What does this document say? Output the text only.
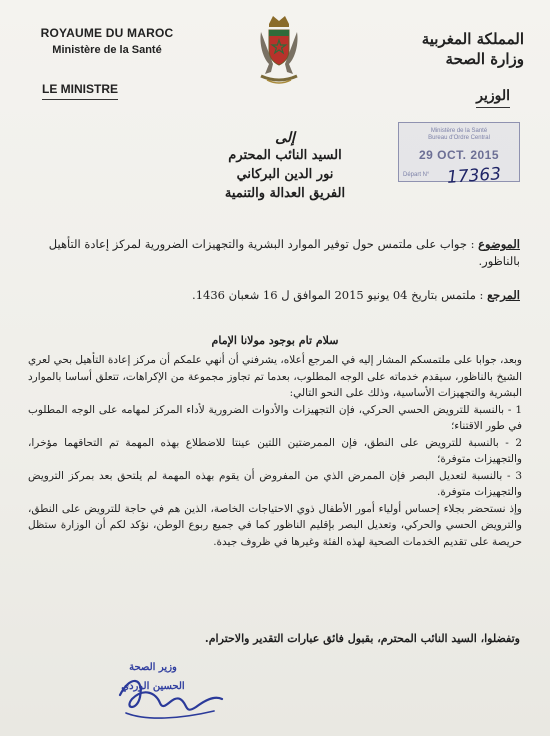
ROYAUME DU MAROC
Ministère de la Santé
LE MINISTRE
المملكة المغربية
وزارة الصحة
الوزير
Ministère de la Santé
Bureau d'Ordre Central
29 OCT. 2015
Départ N° 17363
إلى
السيد النائب المحترم
نور الدين البركاني
الفريق العدالة والتنمية
الموضوع : جواب على ملتمس حول توفير الموارد البشرية والتجهيزات الضرورية لمركز إعادة التأهيل بالناظور.
المرجع : ملتمس بتاريخ 04 يونيو 2015 الموافق ل 16 شعبان 1436.
سلام تام بوجود مولانا الإمام

وبعد، جوابا على ملتمسكم المشار إليه في المرجع أعلاه، يشرفني أن أنهي علمكم أن مركز إعادة التأهيل بحي لعري الشيخ بالناظور، سيقدم خدماته على الوجه المطلوب، بعدما تم تجاوز مجموعة من الإكراهات، تتعلق أساسا بالموارد البشرية والتجهيزات الأساسية، وذلك على النحو التالي:

1 - بالنسبة للترويض الحسي الحركي، فإن التجهيزات والأدوات الضرورية لأداء المركز لمهامه على الوجه المطلوب في طور الاقتناء؛

2 - بالنسبة للترويض على النطق، فإن الممرضتين اللتين عينتا للاضطلاع بهذه المهمة تم التحاقهما مؤخرا، والتجهيزات متوفرة؛

3 - بالنسبة لتعديل البصر فإن الممرض الذي من المفروض أن يقوم بهذه المهمة لم يلتحق بعد بمركز الترويض والتجهيزات متوفرة.

وإذ نستحضر بجلاء إحساس أولياء أمور الأطفال ذوي الاحتياجات الخاصة، الذين هم في حاجة للترويض على النطق، والترويض الحسي والحركي، وتعديل البصر بإقليم الناظور كما في جميع ربوع الوطن، نؤكد لكم أن الوزارة ستظل حريصة على تقديم الخدمات الصحية لهذه الفئة وغيرها في ظروف جيدة.

وتفضلوا، السيد النائب المحترم، بقبول فائق عبارات التقدير والاحترام.
وزير الصحة
الحسين الوردي
